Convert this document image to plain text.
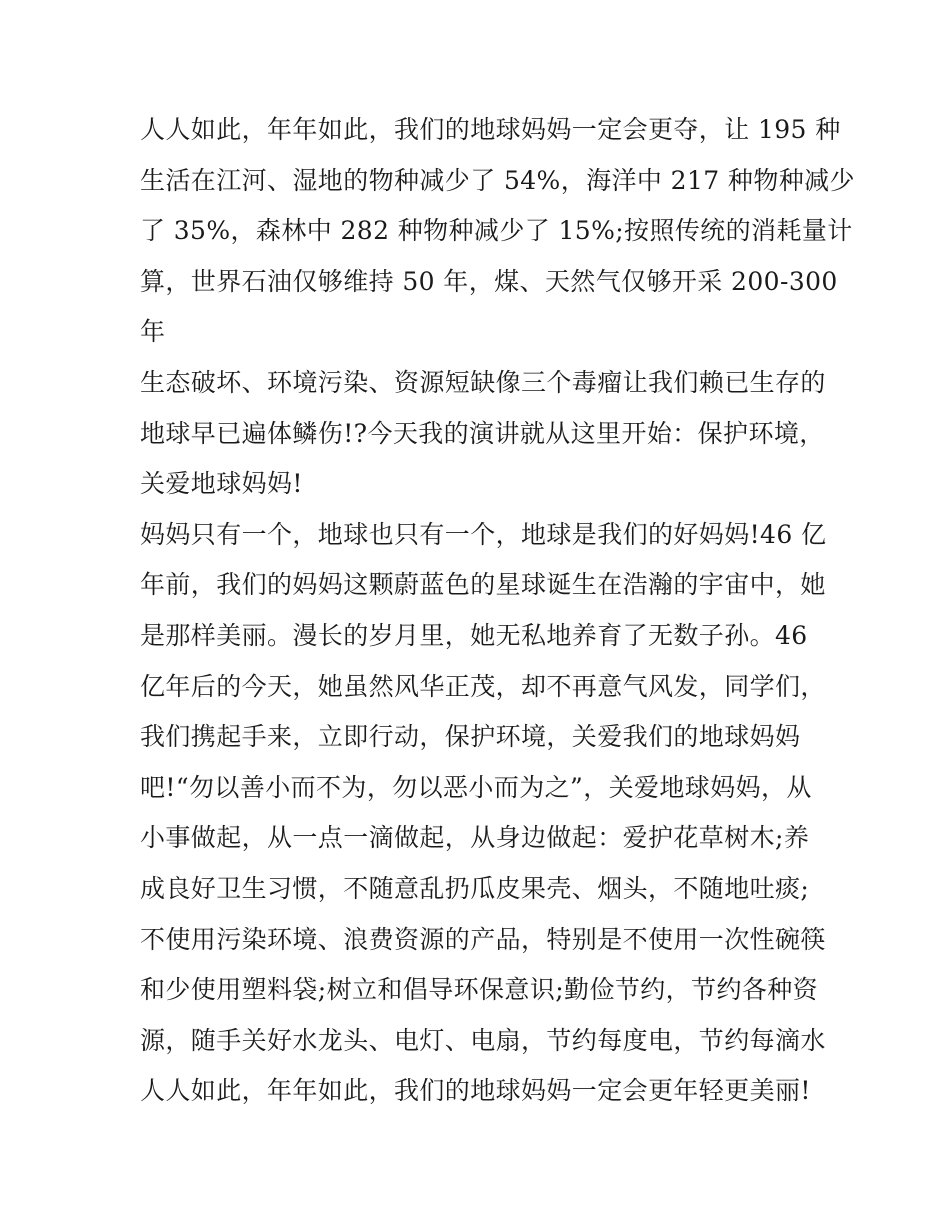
人人如此，年年如此，我们的地球妈妈一定会更夺，让 195 种
生活在江河、湿地的物种减少了 54%，海洋中 217 种物种减少
了 35%，森林中 282 种物种减少了 15%;按照传统的消耗量计
算，世界石油仅够维持 50 年，煤、天然气仅够开采 200-300
年
生态破坏、环境污染、资源短缺像三个毒瘤让我们赖已生存的
地球早已遍体鳞伤!?今天我的演讲就从这里开始：保护环境，
关爱地球妈妈!
妈妈只有一个，地球也只有一个，地球是我们的好妈妈!46 亿
年前，我们的妈妈这颗蔚蓝色的星球诞生在浩瀚的宇宙中，她
是那样美丽。漫长的岁月里，她无私地养育了无数子孙。46
亿年后的今天，她虽然风华正茂，却不再意气风发，同学们，
我们携起手来，立即行动，保护环境，关爱我们的地球妈妈
吧!“勿以善小而不为，勿以恶小而为之”，关爱地球妈妈，从
小事做起，从一点一滴做起，从身边做起：爱护花草树木;养
成良好卫生习惯，不随意乱扔瓜皮果壳、烟头，不随地吐痰;
不使用污染环境、浪费资源的产品，特别是不使用一次性碗筷
和少使用塑料袋;树立和倡导环保意识;勤俭节约，节约各种资
源，随手关好水龙头、电灯、电扇，节约每度电，节约每滴水
人人如此，年年如此，我们的地球妈妈一定会更年轻更美丽!
